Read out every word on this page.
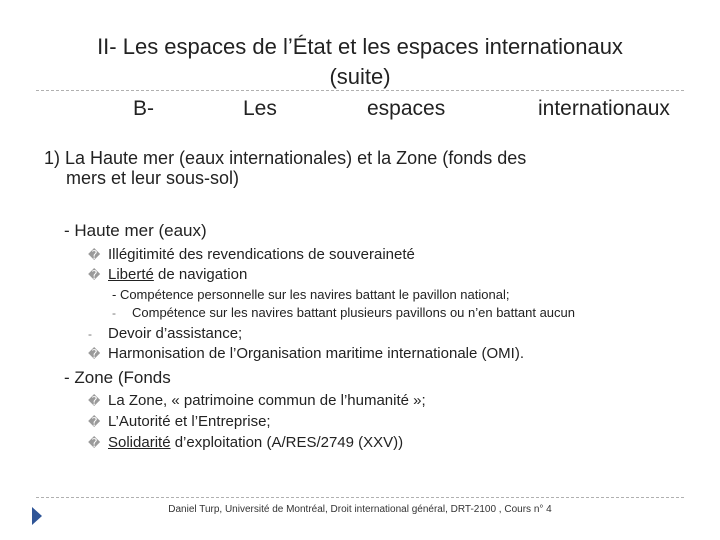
II- Les espaces de l’État et les espaces internationaux
(suite)
B-	Les	espaces	internationaux
1) La Haute mer (eaux internationales) et la Zone (fonds des
mers et leur sous-sol)
- Haute mer (eaux)
� Illégitimité des revendications de souveraineté
� Liberté de navigation
- Compétence personnelle sur les navires battant le pavillon national;
- Compétence sur les navires battant plusieurs pavillons ou n’en battant aucun
- Devoir d’assistance;
� Harmonisation de l’Organisation maritime internationale (OMI).
- Zone (Fonds
� La Zone, « patrimoine commun de l’humanité »;
� L’Autorité et l’Entreprise;
� Solidarité d’exploitation (A/RES/2749 (XXV))
Daniel Turp, Université de Montréal, Droit international général, DRT-2100 , Cours n° 4
